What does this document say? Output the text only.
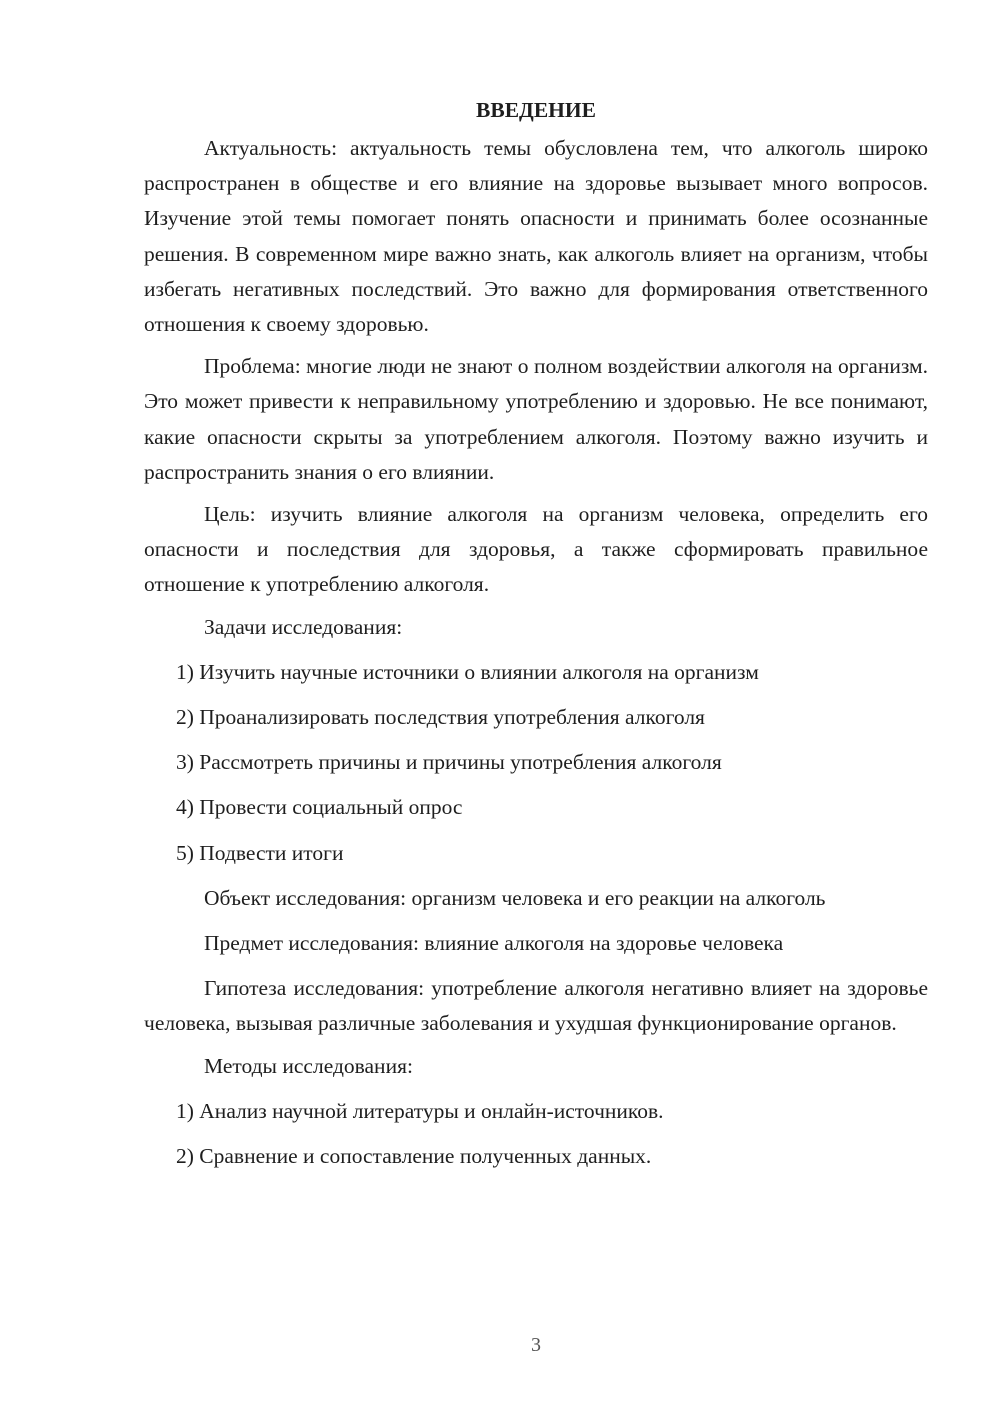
ВВЕДЕНИЕ

Актуальность: актуальность темы обусловлена тем, что алкоголь широко распространен в обществе и его влияние на здоровье вызывает много вопросов. Изучение этой темы помогает понять опасности и принимать более осознанные решения. В современном мире важно знать, как алкоголь влияет на организм, чтобы избегать негативных последствий. Это важно для формирования ответственного отношения к своему здоровью.

Проблема: многие люди не знают о полном воздействии алкоголя на организм. Это может привести к неправильному употреблению и здоровью. Не все понимают, какие опасности скрыты за употреблением алкоголя. Поэтому важно изучить и распространить знания о его влиянии.

Цель: изучить влияние алкоголя на организм человека, определить его опасности и последствия для здоровья, а также сформировать правильное отношение к употреблению алкоголя.

Задачи исследования:
1) Изучить научные источники о влиянии алкоголя на организм
2) Проанализировать последствия употребления алкоголя
3) Рассмотреть причины и причины употребления алкоголя
4) Провести социальный опрос
5) Подвести итоги
Объект исследования: организм человека и его реакции на алкоголь
Предмет исследования: влияние алкоголя на здоровье человека

Гипотеза исследования: употребление алкоголя негативно влияет на здоровье человека, вызывая различные заболевания и ухудшая функционирование органов.

Методы исследования:
1) Анализ научной литературы и онлайн-источников.
2) Сравнение и сопоставление полученных данных.
3
